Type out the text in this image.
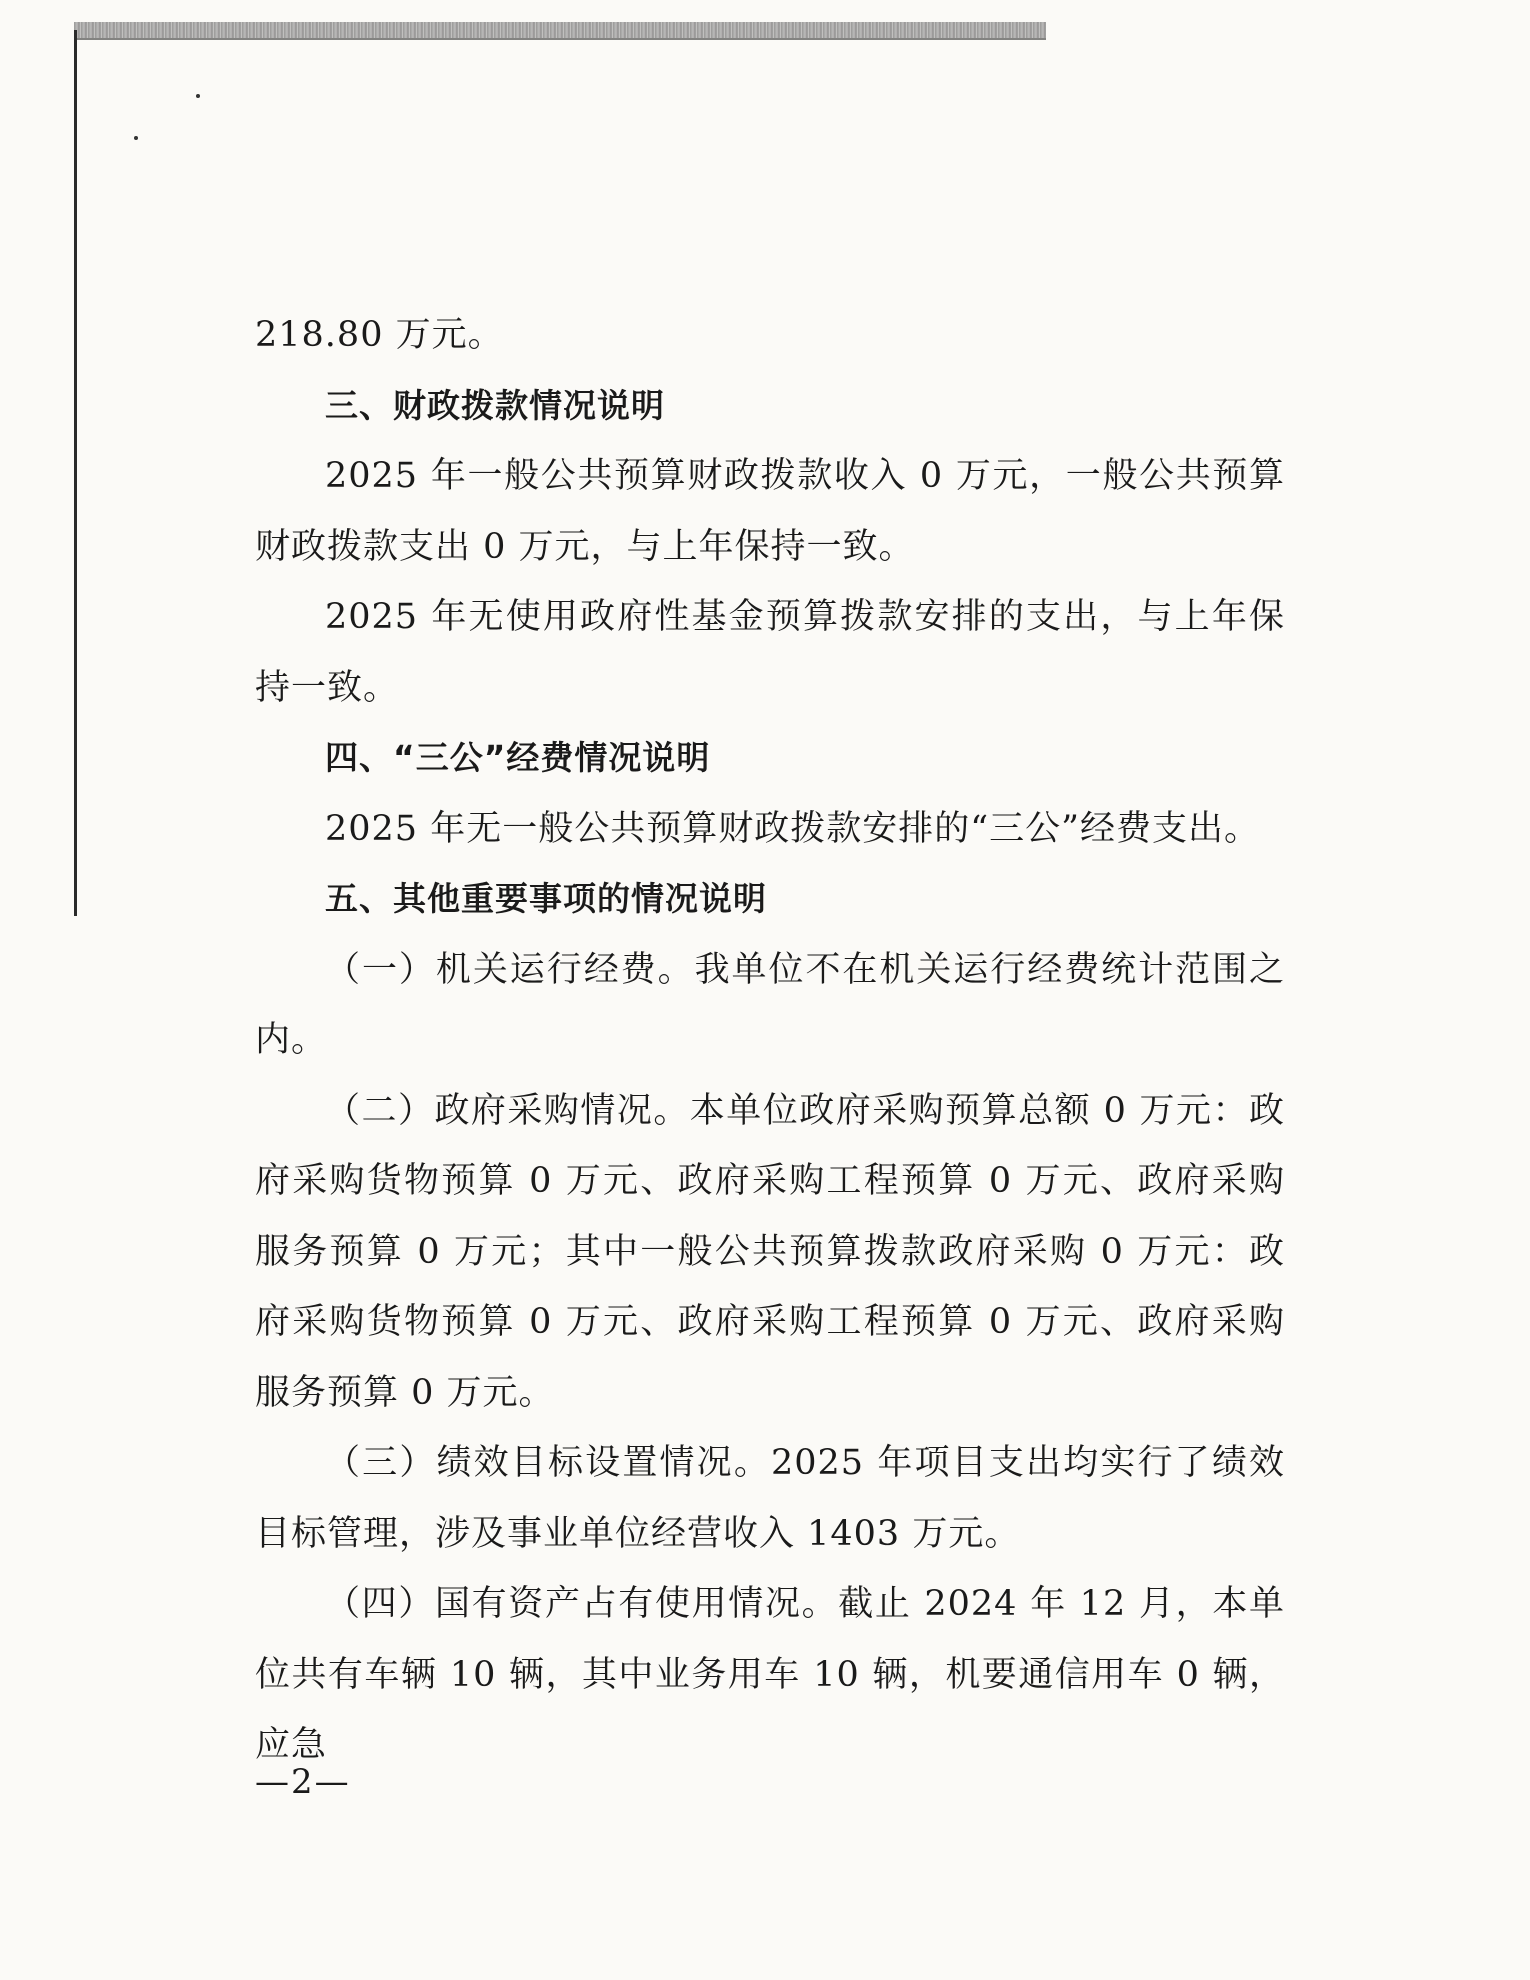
218.80 万元。

三、财政拨款情况说明

2025 年一般公共预算财政拨款收入 0 万元，一般公共预算财政拨款支出 0 万元，与上年保持一致。

2025 年无使用政府性基金预算拨款安排的支出，与上年保持一致。

四、“三公”经费情况说明

2025 年无一般公共预算财政拨款安排的“三公”经费支出。

五、其他重要事项的情况说明

（一）机关运行经费。我单位不在机关运行经费统计范围之内。

（二）政府采购情况。本单位政府采购预算总额 0 万元：政府采购货物预算 0 万元、政府采购工程预算 0 万元、政府采购服务预算 0 万元；其中一般公共预算拨款政府采购 0 万元：政府采购货物预算 0 万元、政府采购工程预算 0 万元、政府采购服务预算 0 万元。

（三）绩效目标设置情况。2025 年项目支出均实行了绩效目标管理，涉及事业单位经营收入 1403 万元。

（四）国有资产占有使用情况。截止 2024 年 12 月，本单位共有车辆 10 辆，其中业务用车 10 辆，机要通信用车 0 辆，应急

—2—
